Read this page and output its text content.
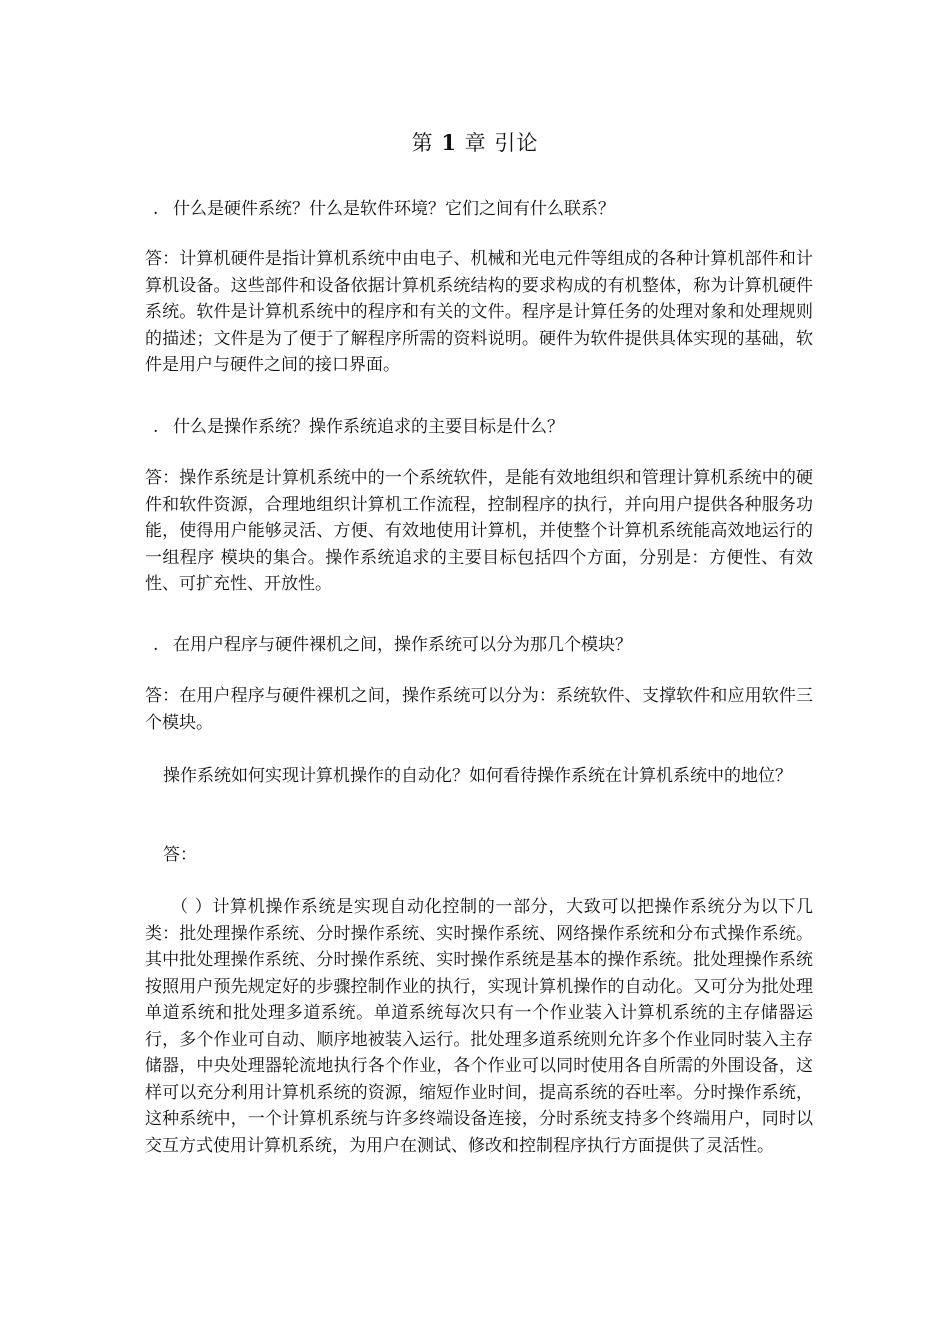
第 1 章 引论
. 什么是硬件系统？什么是软件环境？它们之间有什么联系？
答：计算机硬件是指计算机系统中由电子、机械和光电元件等组成的各种计算机部件和计算机设备。这些部件和设备依据计算机系统结构的要求构成的有机整体，称为计算机硬件系统。软件是计算机系统中的程序和有关的文件。程序是计算任务的处理对象和处理规则的描述；文件是为了便于了解程序所需的资料说明。硬件为软件提供具体实现的基础，软件是用户与硬件之间的接口界面。
. 什么是操作系统？操作系统追求的主要目标是什么？
答：操作系统是计算机系统中的一个系统软件，是能有效地组织和管理计算机系统中的硬件和软件资源，合理地组织计算机工作流程，控制程序的执行，并向用户提供各种服务功能，使得用户能够灵活、方便、有效地使用计算机，并使整个计算机系统能高效地运行的一组程序 模块的集合。操作系统追求的主要目标包括四个方面，分别是：方便性、有效性、可扩充性、开放性。
. 在用户程序与硬件裸机之间，操作系统可以分为那几个模块？
答：在用户程序与硬件裸机之间，操作系统可以分为：系统软件、支撑软件和应用软件三个模块。
操作系统如何实现计算机操作的自动化？如何看待操作系统在计算机系统中的地位？
答：
（ ）计算机操作系统是实现自动化控制的一部分，大致可以把操作系统分为以下几类：批处理操作系统、分时操作系统、实时操作系统、网络操作系统和分布式操作系统。其中批处理操作系统、分时操作系统、实时操作系统是基本的操作系统。批处理操作系统按照用户预先规定好的步骤控制作业的执行，实现计算机操作的自动化。又可分为批处理单道系统和批处理多道系统。单道系统每次只有一个作业装入计算机系统的主存储器运行，多个作业可自动、顺序地被装入运行。批处理多道系统则允许多个作业同时装入主存储器，中央处理器轮流地执行各个作业，各个作业可以同时使用各自所需的外围设备，这样可以充分利用计算机系统的资源，缩短作业时间，提高系统的吞吐率。分时操作系统，这种系统中，一个计算机系统与许多终端设备连接，分时系统支持多个终端用户，同时以交互方式使用计算机系统，为用户在测试、修改和控制程序执行方面提供了灵活性。
